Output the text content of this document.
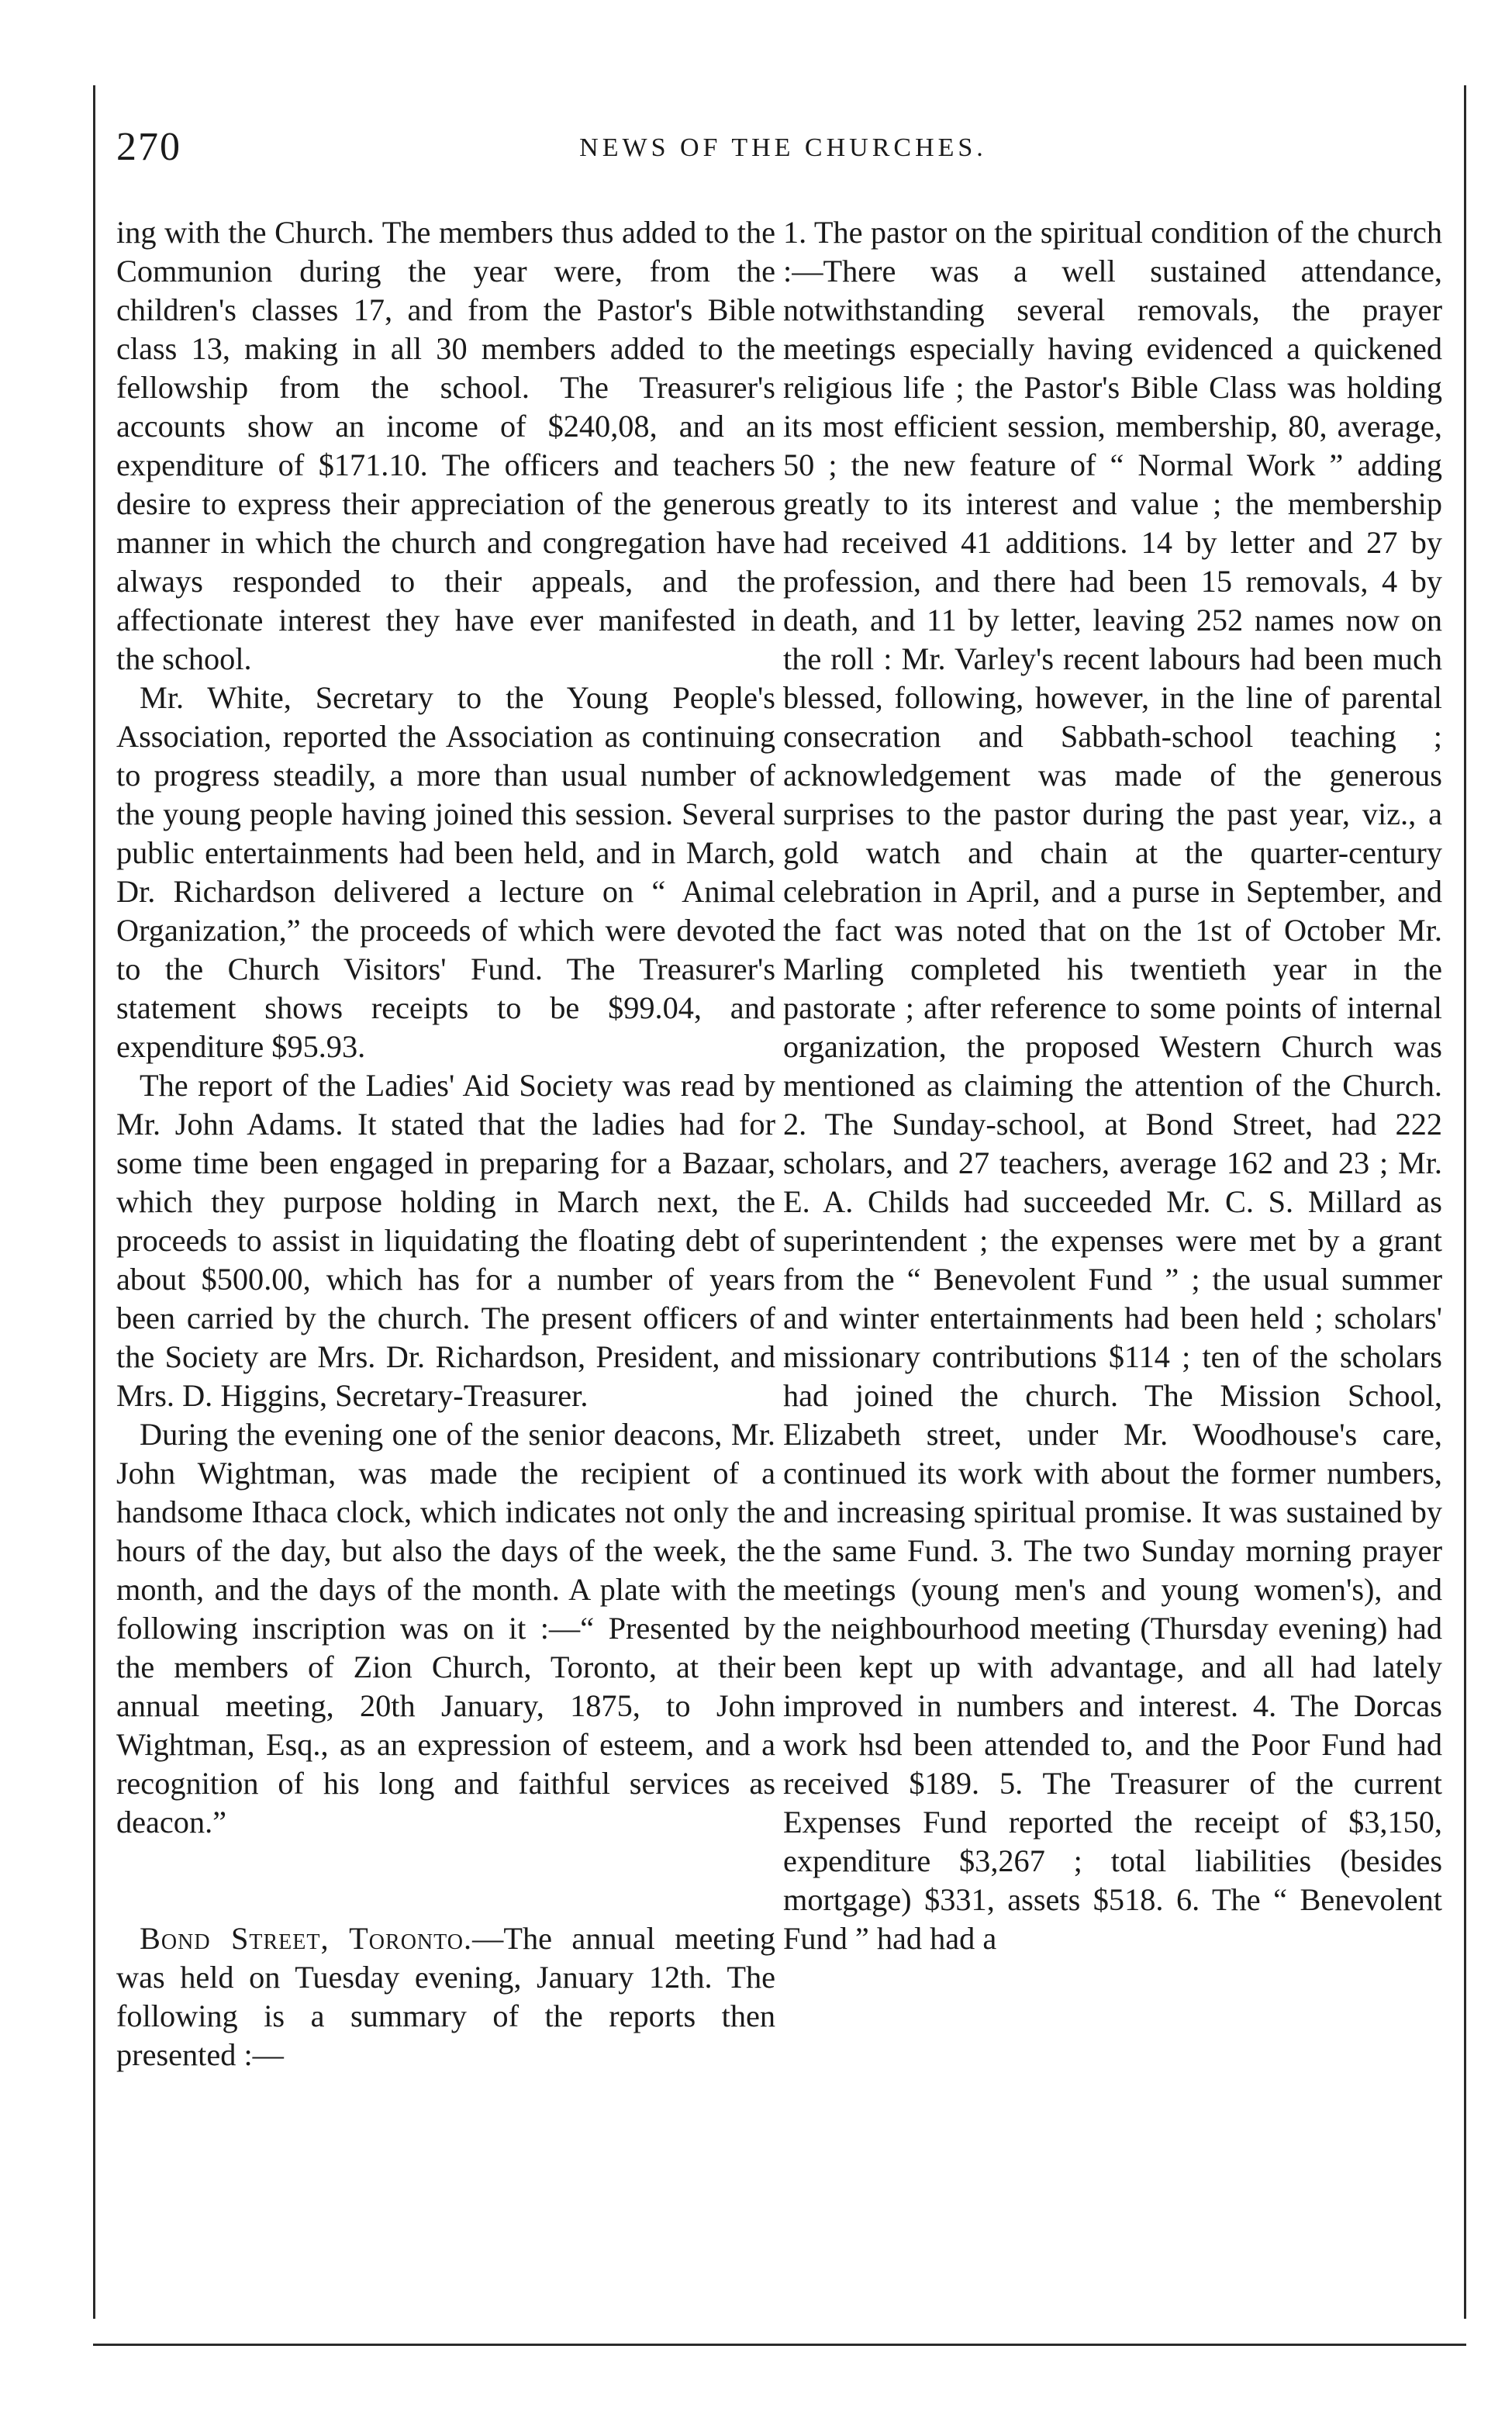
270	NEWS OF THE CHURCHES.

ing with the Church. The members thus added to the Communion during the year were, from the children's classes 17, and from the Pastor's Bible class 13, making in all 30 members added to the fellowship from the school. The Treasurer's accounts show an income of $240,08, and an expenditure of $171.10. The officers and teachers desire to express their appreciation of the generous manner in which the church and congregation have always responded to their appeals, and the affectionate interest they have ever manifested in the school.

Mr. White, Secretary to the Young People's Association, reported the Association as continuing to progress steadily, a more than usual number of the young people having joined this session. Several public entertainments had been held, and in March, Dr. Richardson delivered a lecture on “ Animal Organization,” the proceeds of which were devoted to the Church Visitors' Fund. The Treasurer's statement shows receipts to be $99.04, and expenditure $95.93.

The report of the Ladies' Aid Society was read by Mr. John Adams. It stated that the ladies had for some time been engaged in preparing for a Bazaar, which they purpose holding in March next, the proceeds to assist in liquidating the floating debt of about $500.00, which has for a number of years been carried by the church. The present officers of the Society are Mrs. Dr. Richardson, President, and Mrs. D. Higgins, Secretary-Treasurer.

During the evening one of the senior deacons, Mr. John Wightman, was made the recipient of a handsome Ithaca clock, which indicates not only the hours of the day, but also the days of the week, the month, and the days of the month. A plate with the following inscription was on it :—“ Presented by the members of Zion Church, Toronto, at their annual meeting, 20th January, 1875, to John Wightman, Esq., as an expression of esteem, and a recognition of his long and faithful services as deacon.”

Bond Street, Toronto.—The annual meeting was held on Tuesday evening, January 12th. The following is a summary of the reports then presented :—

1. The pastor on the spiritual condition of the church :—There was a well sustained attendance, notwithstanding several removals, the prayer meetings especially having evidenced a quickened religious life ; the Pastor's Bible Class was holding its most efficient session, membership, 80, average, 50 ; the new feature of “ Normal Work ” adding greatly to its interest and value ; the membership had received 41 additions. 14 by letter and 27 by profession, and there had been 15 removals, 4 by death, and 11 by letter, leaving 252 names now on the roll : Mr. Varley's recent labours had been much blessed, following, however, in the line of parental consecration and Sabbath-school teaching ; acknowledgement was made of the generous surprises to the pastor during the past year, viz., a gold watch and chain at the quarter-century celebration in April, and a purse in September, and the fact was noted that on the 1st of October Mr. Marling completed his twentieth year in the pastorate ; after reference to some points of internal organization, the proposed Western Church was mentioned as claiming the attention of the Church. 2. The Sunday-school, at Bond Street, had 222 scholars, and 27 teachers, average 162 and 23 ; Mr. E. A. Childs had succeeded Mr. C. S. Millard as superintendent ; the expenses were met by a grant from the “ Benevolent Fund ” ; the usual summer and winter entertainments had been held ; scholars' missionary contributions $114 ; ten of the scholars had joined the church. The Mission School, Elizabeth street, under Mr. Woodhouse's care, continued its work with about the former numbers, and increasing spiritual promise. It was sustained by the same Fund. 3. The two Sunday morning prayer meetings (young men's and young women's), and the neighbourhood meeting (Thursday evening) had been kept up with advantage, and all had lately improved in numbers and interest. 4. The Dorcas work hsd been attended to, and the Poor Fund had received $189. 5. The Treasurer of the current Expenses Fund reported the receipt of $3,150, expenditure $3,267 ; total liabilities (besides mortgage) $331, assets $518. 6. The “ Benevolent Fund ” had had a
